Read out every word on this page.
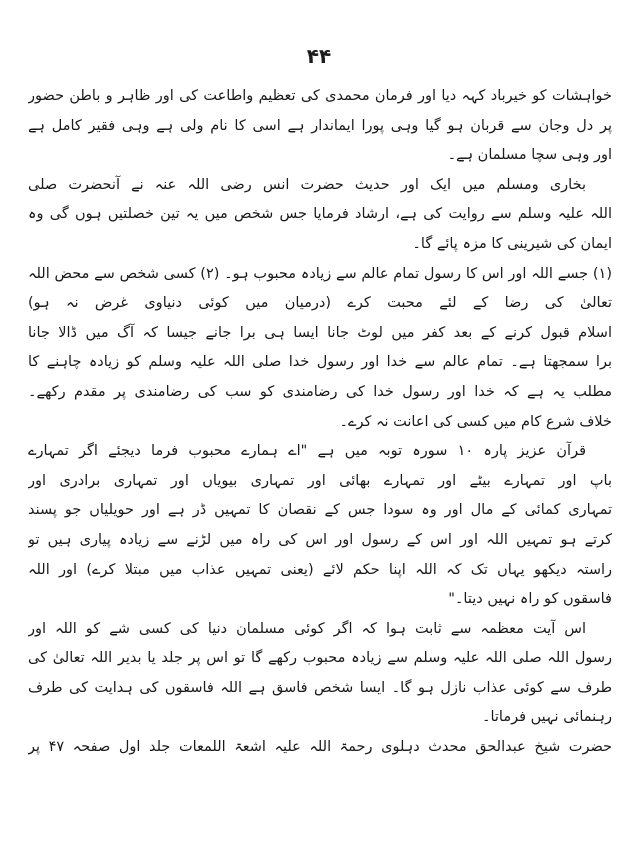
۴۴
خواہشات کو خیرباد کہہ دیا اور فرمان محمدی کی تعظیم واطاعت کی اور ظاہر و باطن حضور
پر دل وجان سے قربان ہو گیا وہی پورا ایماندار ہے اسی کا نام ولی ہے وہی فقیر کامل ہے
اور وہی سچا مسلمان ہے۔
بخاری ومسلم میں ایک اور حدیث حضرت انس رضی اللہ عنہ نے آنحضرت صلی
اللہ علیہ وسلم سے روایت کی ہے، ارشاد فرمایا جس شخص میں یہ تین خصلتیں ہوں گی وہ
ایمان کی شیرینی کا مزہ پائے گا۔
(۱) جسے اللہ اور اس کا رسول تمام عالم سے زیادہ محبوب ہو۔ (۲) کسی شخص سے محض اللہ
تعالیٰ کی رضا کے لئے محبت کرے (درمیان میں کوئی دنیاوی غرض نہ ہو)
اسلام قبول کرنے کے بعد کفر میں لوٹ جانا ایسا ہی برا جانے جیسا کہ آگ میں ڈالا جانا
برا سمجھتا ہے۔ تمام عالم سے خدا اور رسول خدا صلی اللہ علیہ وسلم کو زیادہ چاہنے کا
مطلب یہ ہے کہ خدا اور رسول خدا کی رضامندی کو سب کی رضامندی پر مقدم رکھے۔
خلاف شرع کام میں کسی کی اعانت نہ کرے۔
قرآن عزیز پارہ ۱۰ سورہ توبہ میں ہے "اے ہمارے محبوب فرما دیجئے اگر تمہارے
باپ اور تمہارے بیٹے اور تمہارے بھائی اور تمہاری بیویاں اور تمہاری برادری اور
تمہاری کمائی کے مال اور وہ سودا جس کے نقصان کا تمہیں ڈر ہے اور حویلیاں جو پسند
کرتے ہو تمہیں اللہ اور اس کے رسول اور اس کی راہ میں لڑنے سے زیادہ پیاری ہیں تو
راستہ دیکھو یہاں تک کہ اللہ اپنا حکم لائے (یعنی تمہیں عذاب میں مبتلا کرے) اور اللہ
فاسقوں کو راہ نہیں دیتا۔"
اس آیت معظمہ سے ثابت ہوا کہ اگر کوئی مسلمان دنیا کی کسی شے کو اللہ اور
رسول اللہ صلی اللہ علیہ وسلم سے زیادہ محبوب رکھے گا تو اس پر جلد یا بدیر اللہ تعالیٰ کی
طرف سے کوئی عذاب نازل ہو گا۔ ایسا شخص فاسق ہے اللہ فاسقوں کی ہدایت کی طرف
رہنمائی نہیں فرماتا۔
حضرت شیخ عبدالحق محدث دہلوی رحمۃ اللہ علیہ اشعۃ اللمعات جلد اول صفحہ ۴۷ پر
